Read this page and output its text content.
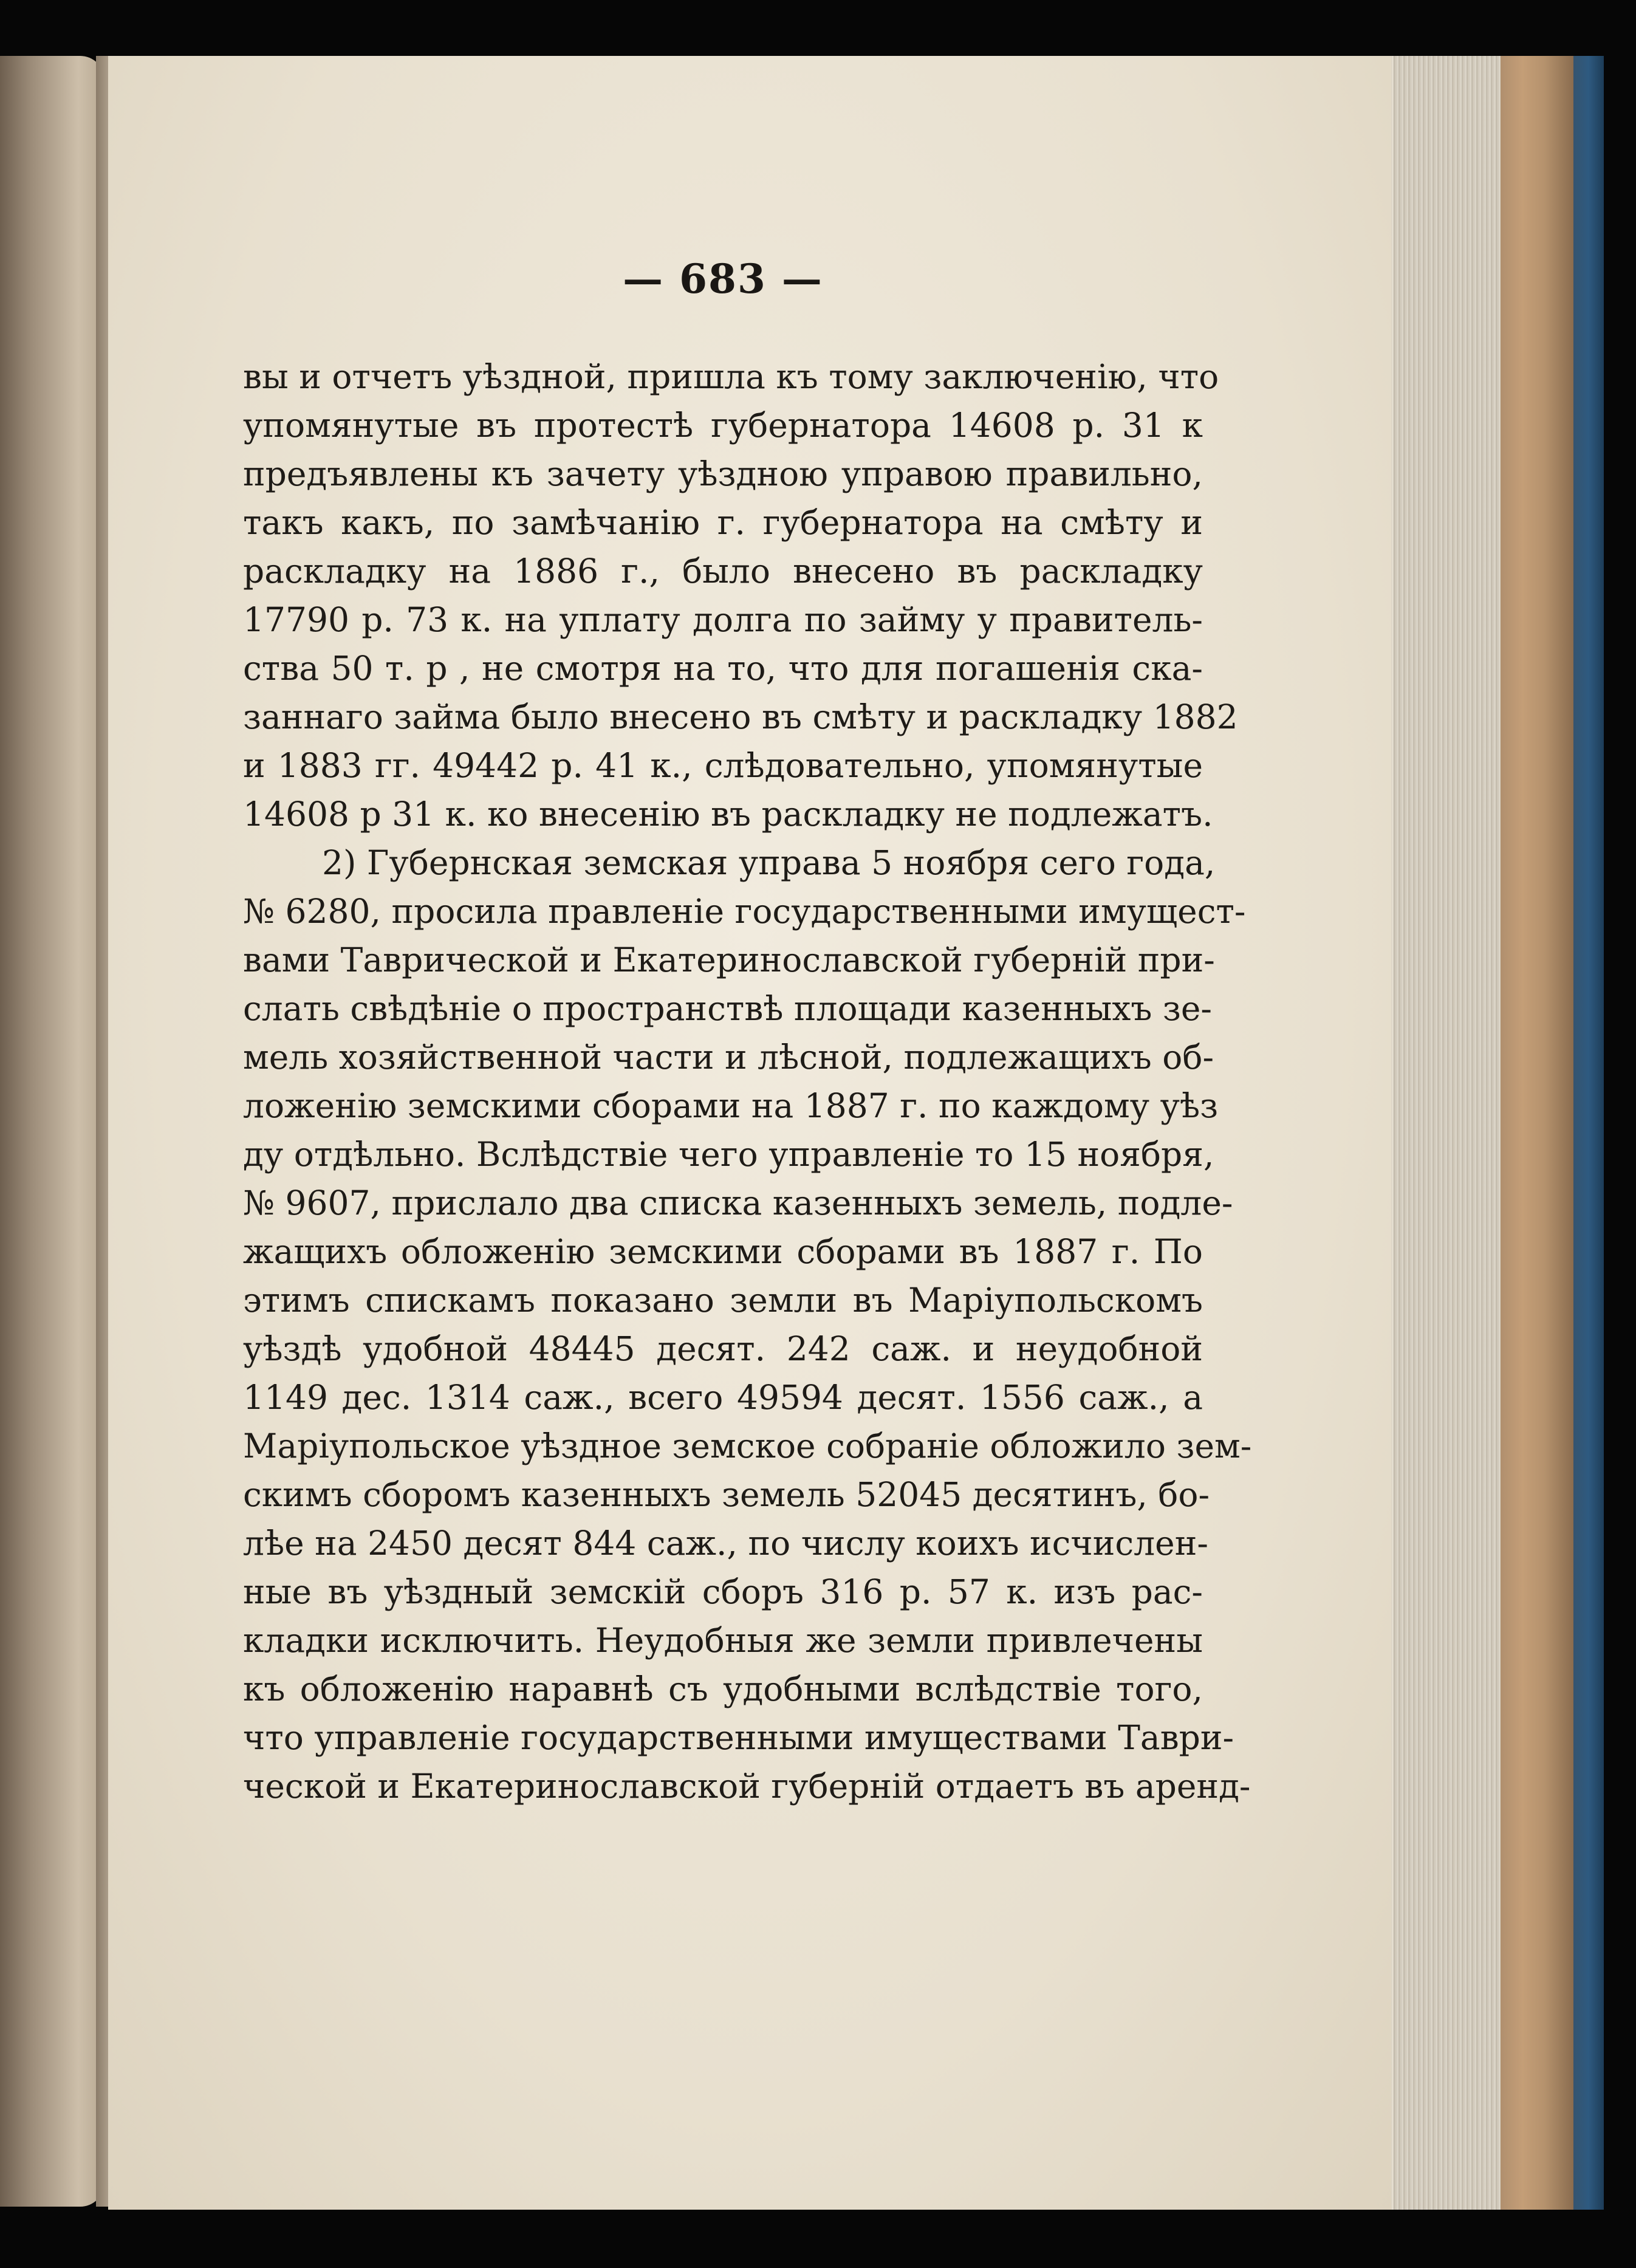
— 683 —
вы и отчетъ уѣздной, пришла къ тому заключенію, что
упомянутые въ протестѣ губернатора 14608 р. 31 к
предъявлены къ зачету уѣздною управою правильно,
такъ какъ, по замѣчанію г. губернатора на смѣту и
раскладку на 1886 г., было внесено въ раскладку
17790 р. 73 к. на уплату долга по займу у правитель-
ства 50 т. р , не смотря на то, что для погашенія ска-
заннаго займа было внесено въ смѣту и раскладку 1882
и 1883 гг. 49442 р. 41 к., слѣдовательно, упомянутые
14608 р 31 к. ко внесенію въ раскладку не подлежатъ.
2) Губернская земская управа 5 ноября сего года,
№ 6280, просила правленіе государственными имущест-
вами Таврической и Екатеринославской губерній при-
слать свѣдѣніе о пространствѣ площади казенныхъ зе-
мель хозяйственной части и лѣсной, подлежащихъ об-
ложенію земскими сборами на 1887 г. по каждому уѣз
ду отдѣльно. Вслѣдствіе чего управленіе то 15 ноября,
№ 9607, прислало два списка казенныхъ земель, подле-
жащихъ обложенію земскими сборами въ 1887 г. По
этимъ спискамъ показано земли въ Маріупольскомъ
уѣздѣ удобной 48445 десят. 242 саж. и неудобной
1149 дес. 1314 саж., всего 49594 десят. 1556 саж., а
Маріупольское уѣздное земское собраніе обложило зем-
скимъ сборомъ казенныхъ земель 52045 десятинъ, бо-
лѣе на 2450 десят 844 саж., по числу коихъ исчислен-
ные въ уѣздный земскій сборъ 316 р. 57 к. изъ рас-
кладки исключить. Неудобныя же земли привлечены
къ обложенію наравнѣ съ удобными вслѣдствіе того,
что управленіе государственными имуществами Таври-
ческой и Екатеринославской губерній отдаетъ въ аренд-
